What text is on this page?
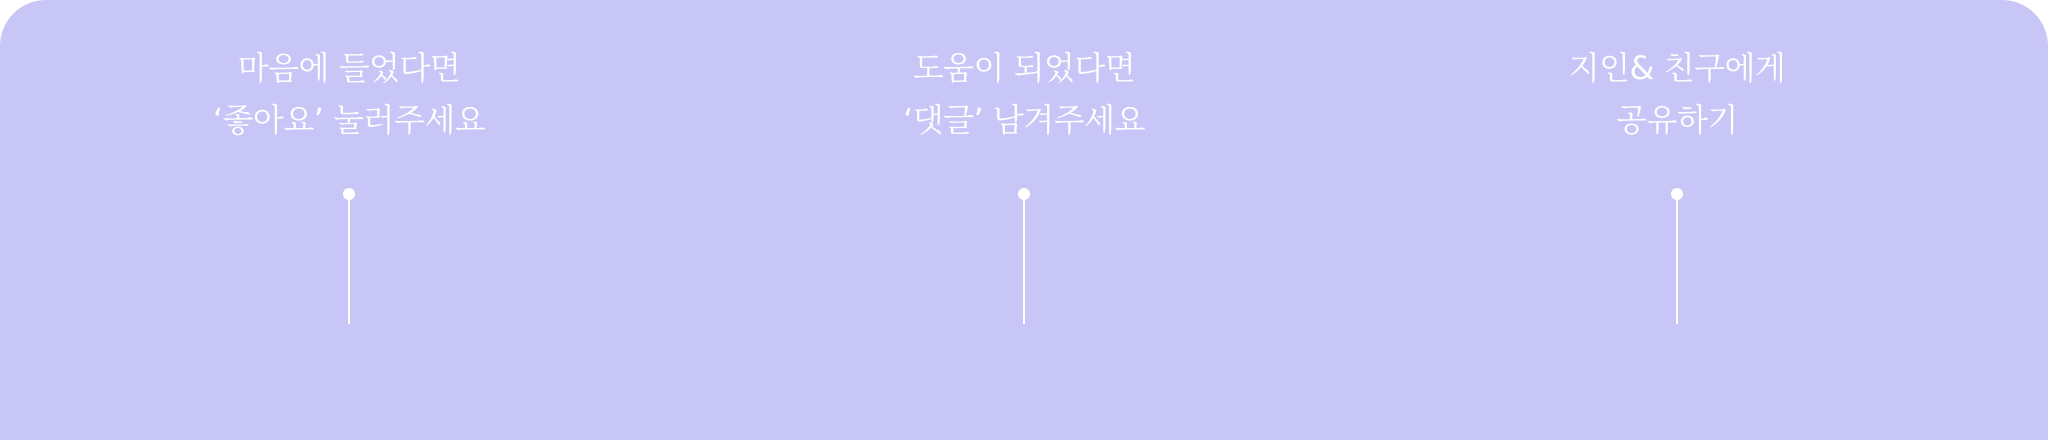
마음에 들었다면
‘좋아요’ 눌러주세요
도움이 되었다면
‘댓글’ 남겨주세요
지인& 친구에게
공유하기
